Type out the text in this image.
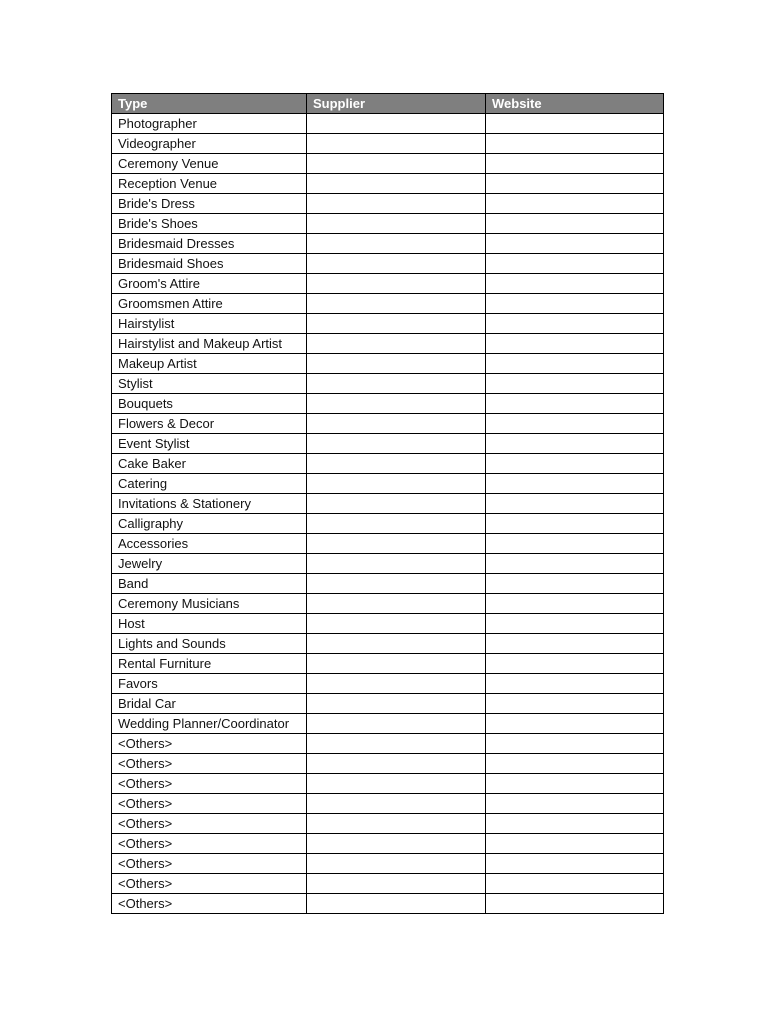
Type	Supplier	Website
Photographer		
Videographer		
Ceremony Venue		
Reception Venue		
Bride's Dress		
Bride's Shoes		
Bridesmaid Dresses		
Bridesmaid Shoes		
Groom's Attire		
Groomsmen Attire		
Hairstylist		
Hairstylist and Makeup Artist		
Makeup Artist		
Stylist		
Bouquets		
Flowers & Decor		
Event Stylist		
Cake Baker		
Catering		
Invitations & Stationery		
Calligraphy		
Accessories		
Jewelry		
Band		
Ceremony Musicians		
Host		
Lights and Sounds		
Rental Furniture		
Favors		
Bridal Car		
Wedding Planner/Coordinator		
<Others>		
<Others>		
<Others>		
<Others>		
<Others>		
<Others>		
<Others>		
<Others>		
<Others>		
